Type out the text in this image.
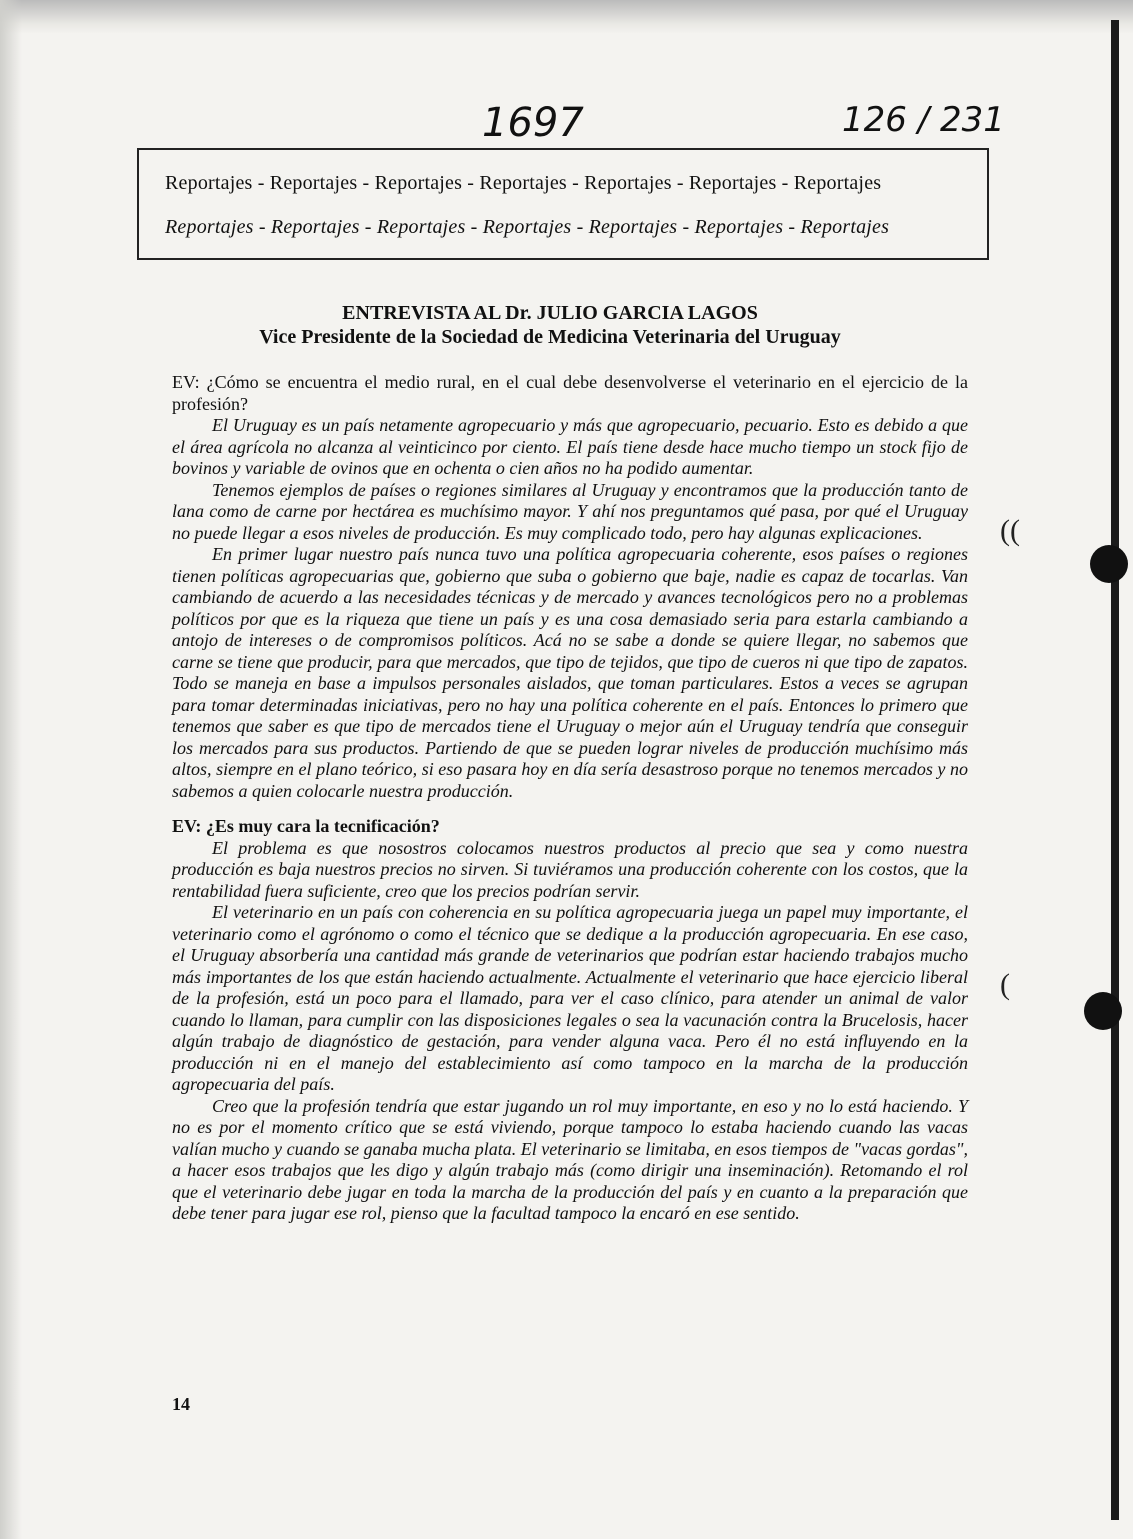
((
(
1697	126 / 231
Reportajes - Reportajes - Reportajes - Reportajes - Reportajes - Reportajes - Reportajes
Reportajes - Reportajes - Reportajes - Reportajes - Reportajes - Reportajes - Reportajes
ENTREVISTA AL Dr. JULIO GARCIA LAGOS
Vice Presidente de la Sociedad de Medicina Veterinaria del Uruguay

EV: ¿Cómo se encuentra el medio rural, en el cual debe desenvolverse el veterinario en el ejercicio de la profesión?

El Uruguay es un país netamente agropecuario y más que agropecuario, pecuario. Esto es debido a que el área agrícola no alcanza al veinticinco por ciento. El país tiene desde hace mucho tiempo un stock fijo de bovinos y variable de ovinos que en ochenta o cien años no ha podido aumentar.

Tenemos ejemplos de países o regiones similares al Uruguay y encontramos que la producción tanto de lana como de carne por hectárea es muchísimo mayor. Y ahí nos preguntamos qué pasa, por qué el Uruguay no puede llegar a esos niveles de producción. Es muy complicado todo, pero hay algunas explicaciones.

En primer lugar nuestro país nunca tuvo una política agropecuaria coherente, esos países o regiones tienen políticas agropecuarias que, gobierno que suba o gobierno que baje, nadie es capaz de tocarlas. Van cambiando de acuerdo a las necesidades técnicas y de mercado y avances tecnológicos pero no a problemas políticos por que es la riqueza que tiene un país y es una cosa demasiado seria para estarla cambiando a antojo de intereses o de compromisos políticos. Acá no se sabe a donde se quiere llegar, no sabemos que carne se tiene que producir, para que mercados, que tipo de tejidos, que tipo de cueros ni que tipo de zapatos. Todo se maneja en base a impulsos personales aislados, que toman particulares. Estos a veces se agrupan para tomar determinadas iniciativas, pero no hay una política coherente en el país. Entonces lo primero que tenemos que saber es que tipo de mercados tiene el Uruguay o mejor aún el Uruguay tendría que conseguir los mercados para sus productos. Partiendo de que se pueden lograr niveles de producción muchísimo más altos, siempre en el plano teórico, si eso pasara hoy en día sería desastroso porque no tenemos mercados y no sabemos a quien colocarle nuestra producción.

EV: ¿Es muy cara la tecnificación?

El problema es que nosostros colocamos nuestros productos al precio que sea y como nuestra producción es baja nuestros precios no sirven. Si tuviéramos una producción coherente con los costos, que la rentabilidad fuera suficiente, creo que los precios podrían servir.

El veterinario en un país con coherencia en su política agropecuaria juega un papel muy importante, el veterinario como el agrónomo o como el técnico que se dedique a la producción agropecuaria. En ese caso, el Uruguay absorbería una cantidad más grande de veterinarios que podrían estar haciendo trabajos mucho más importantes de los que están haciendo actualmente. Actualmente el veterinario que hace ejercicio liberal de la profesión, está un poco para el llamado, para ver el caso clínico, para atender un animal de valor cuando lo llaman, para cumplir con las disposiciones legales o sea la vacunación contra la Brucelosis, hacer algún trabajo de diagnóstico de gestación, para vender alguna vaca. Pero él no está influyendo en la producción ni en el manejo del establecimiento así como tampoco en la marcha de la producción agropecuaria del país.

Creo que la profesión tendría que estar jugando un rol muy importante, en eso y no lo está haciendo. Y no es por el momento crítico que se está viviendo, porque tampoco lo estaba haciendo cuando las vacas valían mucho y cuando se ganaba mucha plata. El veterinario se limitaba, en esos tiempos de "vacas gordas", a hacer esos trabajos que les digo y algún trabajo más (como dirigir una inseminación). Retomando el rol que el veterinario debe jugar en toda la marcha de la producción del país y en cuanto a la preparación que debe tener para jugar ese rol, pienso que la facultad tampoco la encaró en ese sentido.

14
